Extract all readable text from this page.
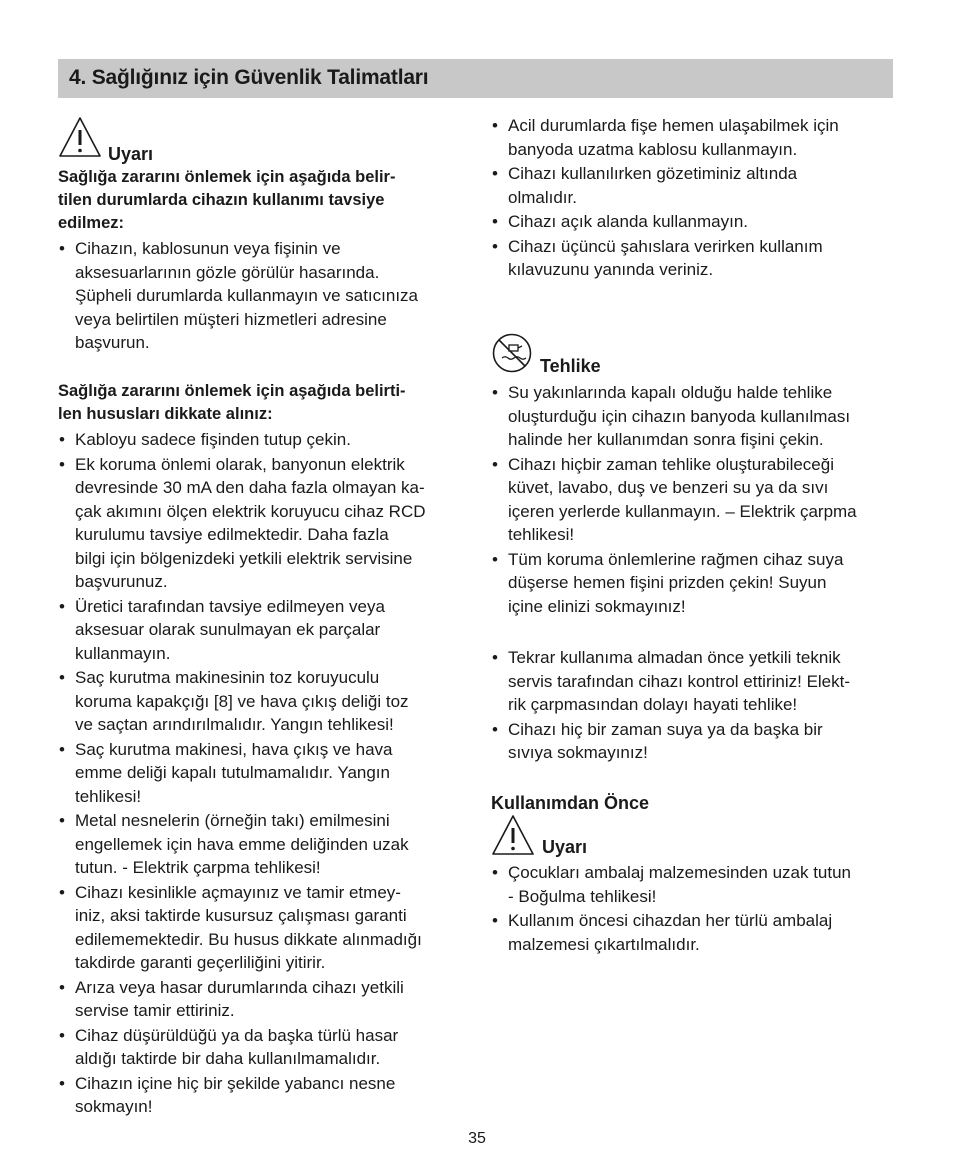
4. Sağlığınız için Güvenlik Talimatları
Uyarı

Sağlığa zararını önlemek için aşağıda belir-
tilen durumlarda cihazın kullanımı tavsiye
edilmez:

• Cihazın, kablosunun veya fişinin ve
aksesuarlarının gözle görülür hasarında.
Şüpheli durumlarda kullanmayın ve satıcınıza
veya belirtilen müşteri hizmetleri adresine
başvurun.

Sağlığa zararını önlemek için aşağıda belirti-
len hususları dikkate alınız:

• Kabloyu sadece fişinden tutup çekin.
• Ek koruma önlemi olarak, banyonun elektrik
devresinde 30 mA den daha fazla olmayan ka-
çak akımını ölçen elektrik koruyucu cihaz RCD
kurulumu tavsiye edilmektedir. Daha fazla
bilgi için bölgenizdeki yetkili elektrik servisine
başvurunuz.
• Üretici tarafından tavsiye edilmeyen veya
aksesuar olarak sunulmayan ek parçalar
kullanmayın.
• Saç kurutma makinesinin toz koruyuculu
koruma kapakçığı [8] ve hava çıkış deliği toz
ve saçtan arındırılmalıdır. Yangın tehlikesi!
• Saç kurutma makinesi, hava çıkış ve hava
emme deliği kapalı tutulmamalıdır. Yangın
tehlikesi!
• Metal nesnelerin (örneğin takı) emilmesini
engellemek için hava emme deliğinden uzak
tutun. - Elektrik çarpma tehlikesi!
• Cihazı kesinlikle açmayınız ve tamir etmey-
iniz, aksi taktirde kusursuz çalışması garanti
edilememektedir. Bu husus dikkate alınmadığı
takdirde garanti geçerliliğini yitirir.
• Arıza veya hasar durumlarında cihazı yetkili
servise tamir ettiriniz.
• Cihaz düşürüldüğü ya da başka türlü hasar
aldığı taktirde bir daha kullanılmamalıdır.
• Cihazın içine hiç bir şekilde yabancı nesne
sokmayın!
• Acil durumlarda fişe hemen ulaşabilmek için
banyoda uzatma kablosu kullanmayın.
• Cihazı kullanılırken gözetiminiz altında
olmalıdır.
• Cihazı açık alanda kullanmayın.
• Cihazı üçüncü şahıslara verirken kullanım
kılavuzunu yanında veriniz.
Tehlike
• Su yakınlarında kapalı olduğu halde tehlike
oluşturduğu için cihazın banyoda kullanılması
halinde her kullanımdan sonra fişini çekin.
• Cihazı hiçbir zaman tehlike oluşturabileceği
küvet, lavabo, duş ve benzeri su ya da sıvı
içeren yerlerde kullanmayın. – Elektrik çarpma
tehlikesi!
• Tüm koruma önlemlerine rağmen cihaz suya
düşerse hemen fişini prizden çekin! Suyun
içine elinizi sokmayınız!
• Tekrar kullanıma almadan önce yetkili teknik
servis tarafından cihazı kontrol ettiriniz! Elekt-
rik çarpmasından dolayı hayati tehlike!
• Cihazı hiç bir zaman suya ya da başka bir
sıvıya sokmayınız!

Kullanımdan Önce

Uyarı
• Çocukları ambalaj malzemesinden uzak tutun
- Boğulma tehlikesi!
• Kullanım öncesi cihazdan her türlü ambalaj
malzemesi çıkartılmalıdır.
35
